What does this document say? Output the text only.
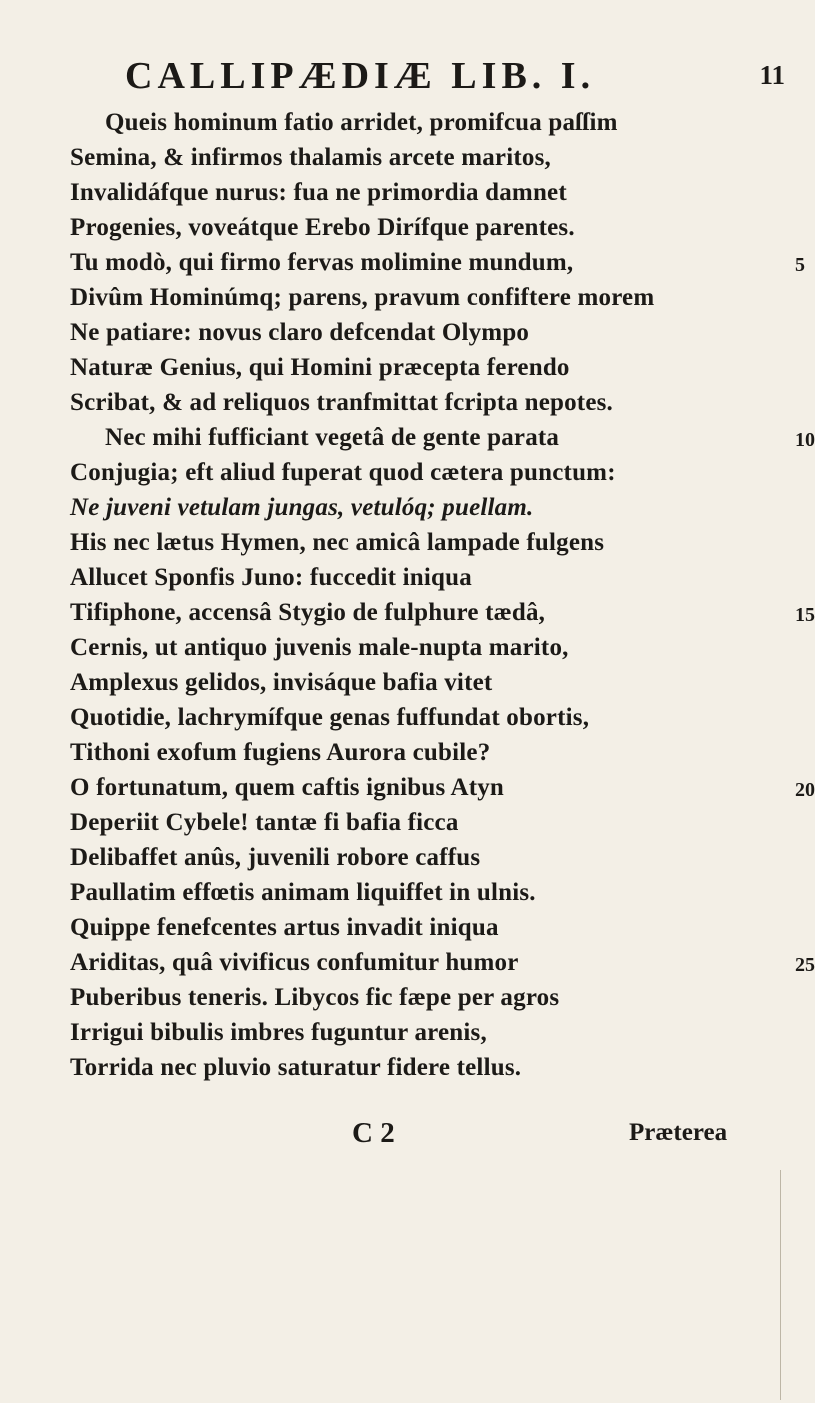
CALLIPÆDIÆ LIB. I.	11
Queis hominum fatio arridet, promifcua paſſim
Semina, & infirmos thalamis arcete maritos,
Invalidáfque nurus: fua ne primordia damnet
Progenies, voveátque Erebo Dirífque parentes.
Tu modò, qui firmo fervas molimine mundum,
Divûm Hominúmq; parens, pravum confiftere morem
Ne patiare: novus claro defcendat Olympo
Naturæ Genius, qui Homini præcepta ferendo
Scribat, & ad reliquos tranfmittat fcripta nepotes.
Nec mihi fufficiant vegetâ de gente parata
Conjugia; eft aliud fuperat quod cætera punctum:
Ne juveni vetulam jungas, vetulóq; puellam.
His nec lætus Hymen, nec amicâ lampade fulgens
Allucet Sponfis Juno: fuccedit iniqua
Tifiphone, accensâ Stygio de fulphure tædâ,
Cernis, ut antiquo juvenis male-nupta marito,
Amplexus gelidos, invisáque bafia vitet
Quotidie, lachrymífque genas fuffundat obortis,
Tithoni exofum fugiens Aurora cubile?
O fortunatum, quem caftis ignibus Atyn
Deperiit Cybele! tantæ fi bafia ficca
Delibaffet anûs, juvenili robore caffus
Paullatim effœtis animam liquiffet in ulnis.
Quippe fenefcentes artus invadit iniqua
Ariditas, quâ vivificus confumitur humor
Puberibus teneris. Libycos fic fæpe per agros
Irrigui bibulis imbres fuguntur arenis,
Torrida nec pluvio saturatur fidere tellus.
5
10
15
20
25
C 2	Præterea
